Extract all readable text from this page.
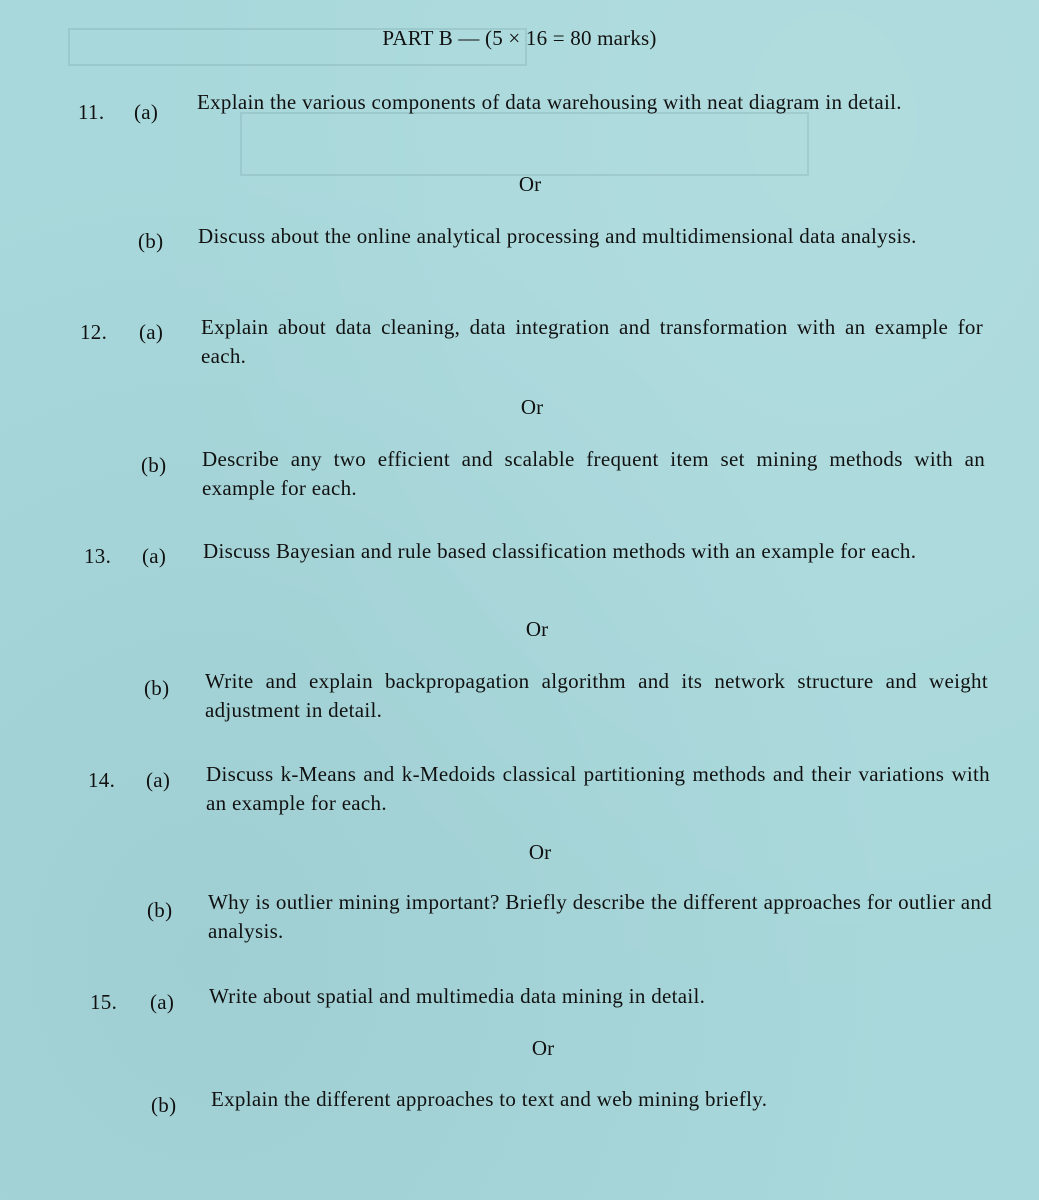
PART B — (5 × 16 = 80 marks)
11. (a) Explain the various components of data warehousing with neat diagram in detail.
Or
(b) Discuss about the online analytical processing and multidimensional data analysis.
12. (a) Explain about data cleaning, data integration and transformation with an example for each.
Or
(b) Describe any two efficient and scalable frequent item set mining methods with an example for each.
13. (a) Discuss Bayesian and rule based classification methods with an example for each.
Or
(b) Write and explain backpropagation algorithm and its network structure and weight adjustment in detail.
14. (a) Discuss k-Means and k-Medoids classical partitioning methods and their variations with an example for each.
Or
(b) Why is outlier mining important? Briefly describe the different approaches for outlier and analysis.
15. (a) Write about spatial and multimedia data mining in detail.
Or
(b) Explain the different approaches to text and web mining briefly.
